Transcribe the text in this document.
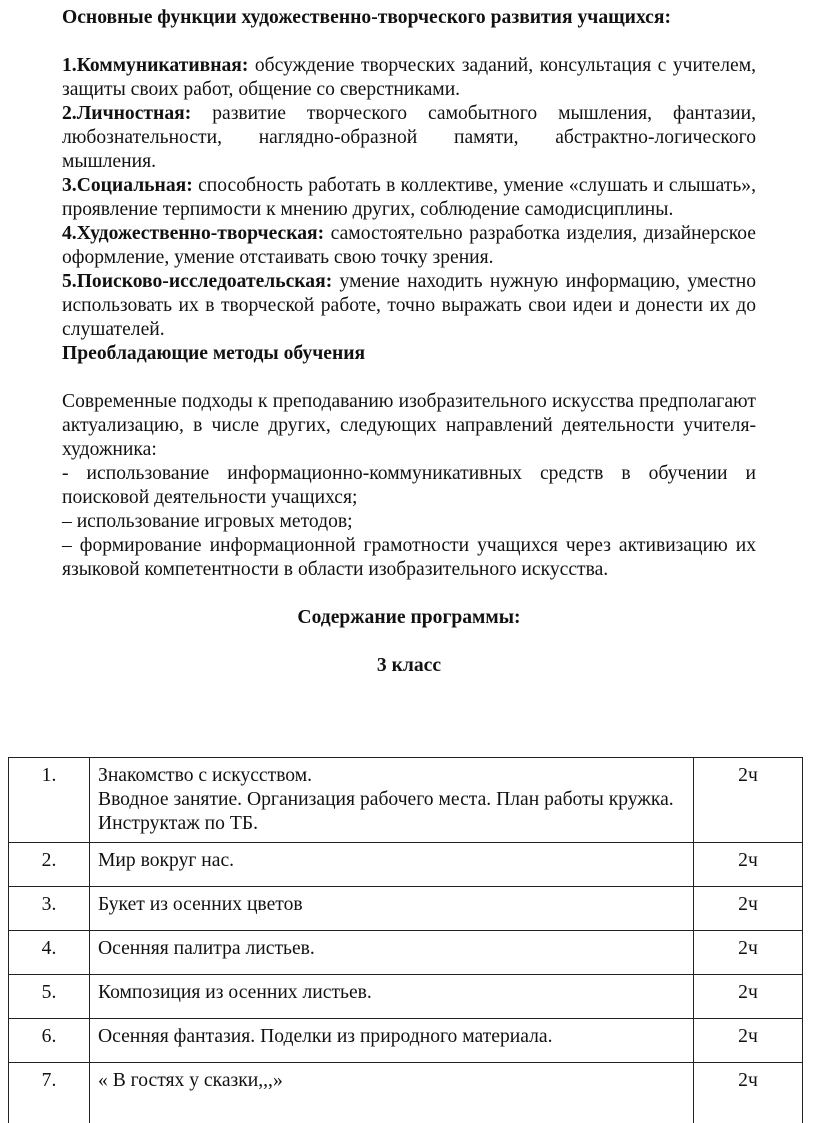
Основные функции художественно-творческого развития учащихся:

1.Коммуникативная: обсуждение творческих заданий, консультация с учителем, защиты своих работ, общение со сверстниками.

2.Личностная: развитие творческого самобытного мышления, фантазии, любознательности, наглядно-образной памяти, абстрактно-логического мышления.

3.Социальная: способность работать в коллективе, умение «слушать и слышать», проявление терпимости к мнению других, соблюдение самодисциплины.

4.Художественно-творческая: самостоятельно разработка изделия, дизайнерское оформление, умение отстаивать свою точку зрения.

5.Поисково-исследоательская: умение находить нужную информацию, уместно использовать их в творческой работе, точно выражать свои идеи и донести их до слушателей.

Преобладающие методы обучения

Современные подходы к преподаванию изобразительного искусства предполагают актуализацию, в числе других, следующих направлений деятельности учителя-художника:

- использование информационно-коммуникативных средств в обучении и поисковой деятельности учащихся;

– использование игровых методов;

– формирование информационной грамотности учащихся через активизацию их языковой компетентности в области изобразительного искусства.

Содержание программы:

3 класс

1.	Знакомство с искусством.
Вводное занятие. Организация рабочего места. План работы кружка. Инструктаж по ТБ.	2ч
2.	Мир вокруг нас.	2ч
3.	Букет из осенних цветов	2ч
4.	Осенняя палитра листьев.	2ч
5.	Композиция из осенних листьев.	2ч
6.	Осенняя фантазия. Поделки из природного материала.	2ч
7.	« В гостях у сказки,,,»	2ч
